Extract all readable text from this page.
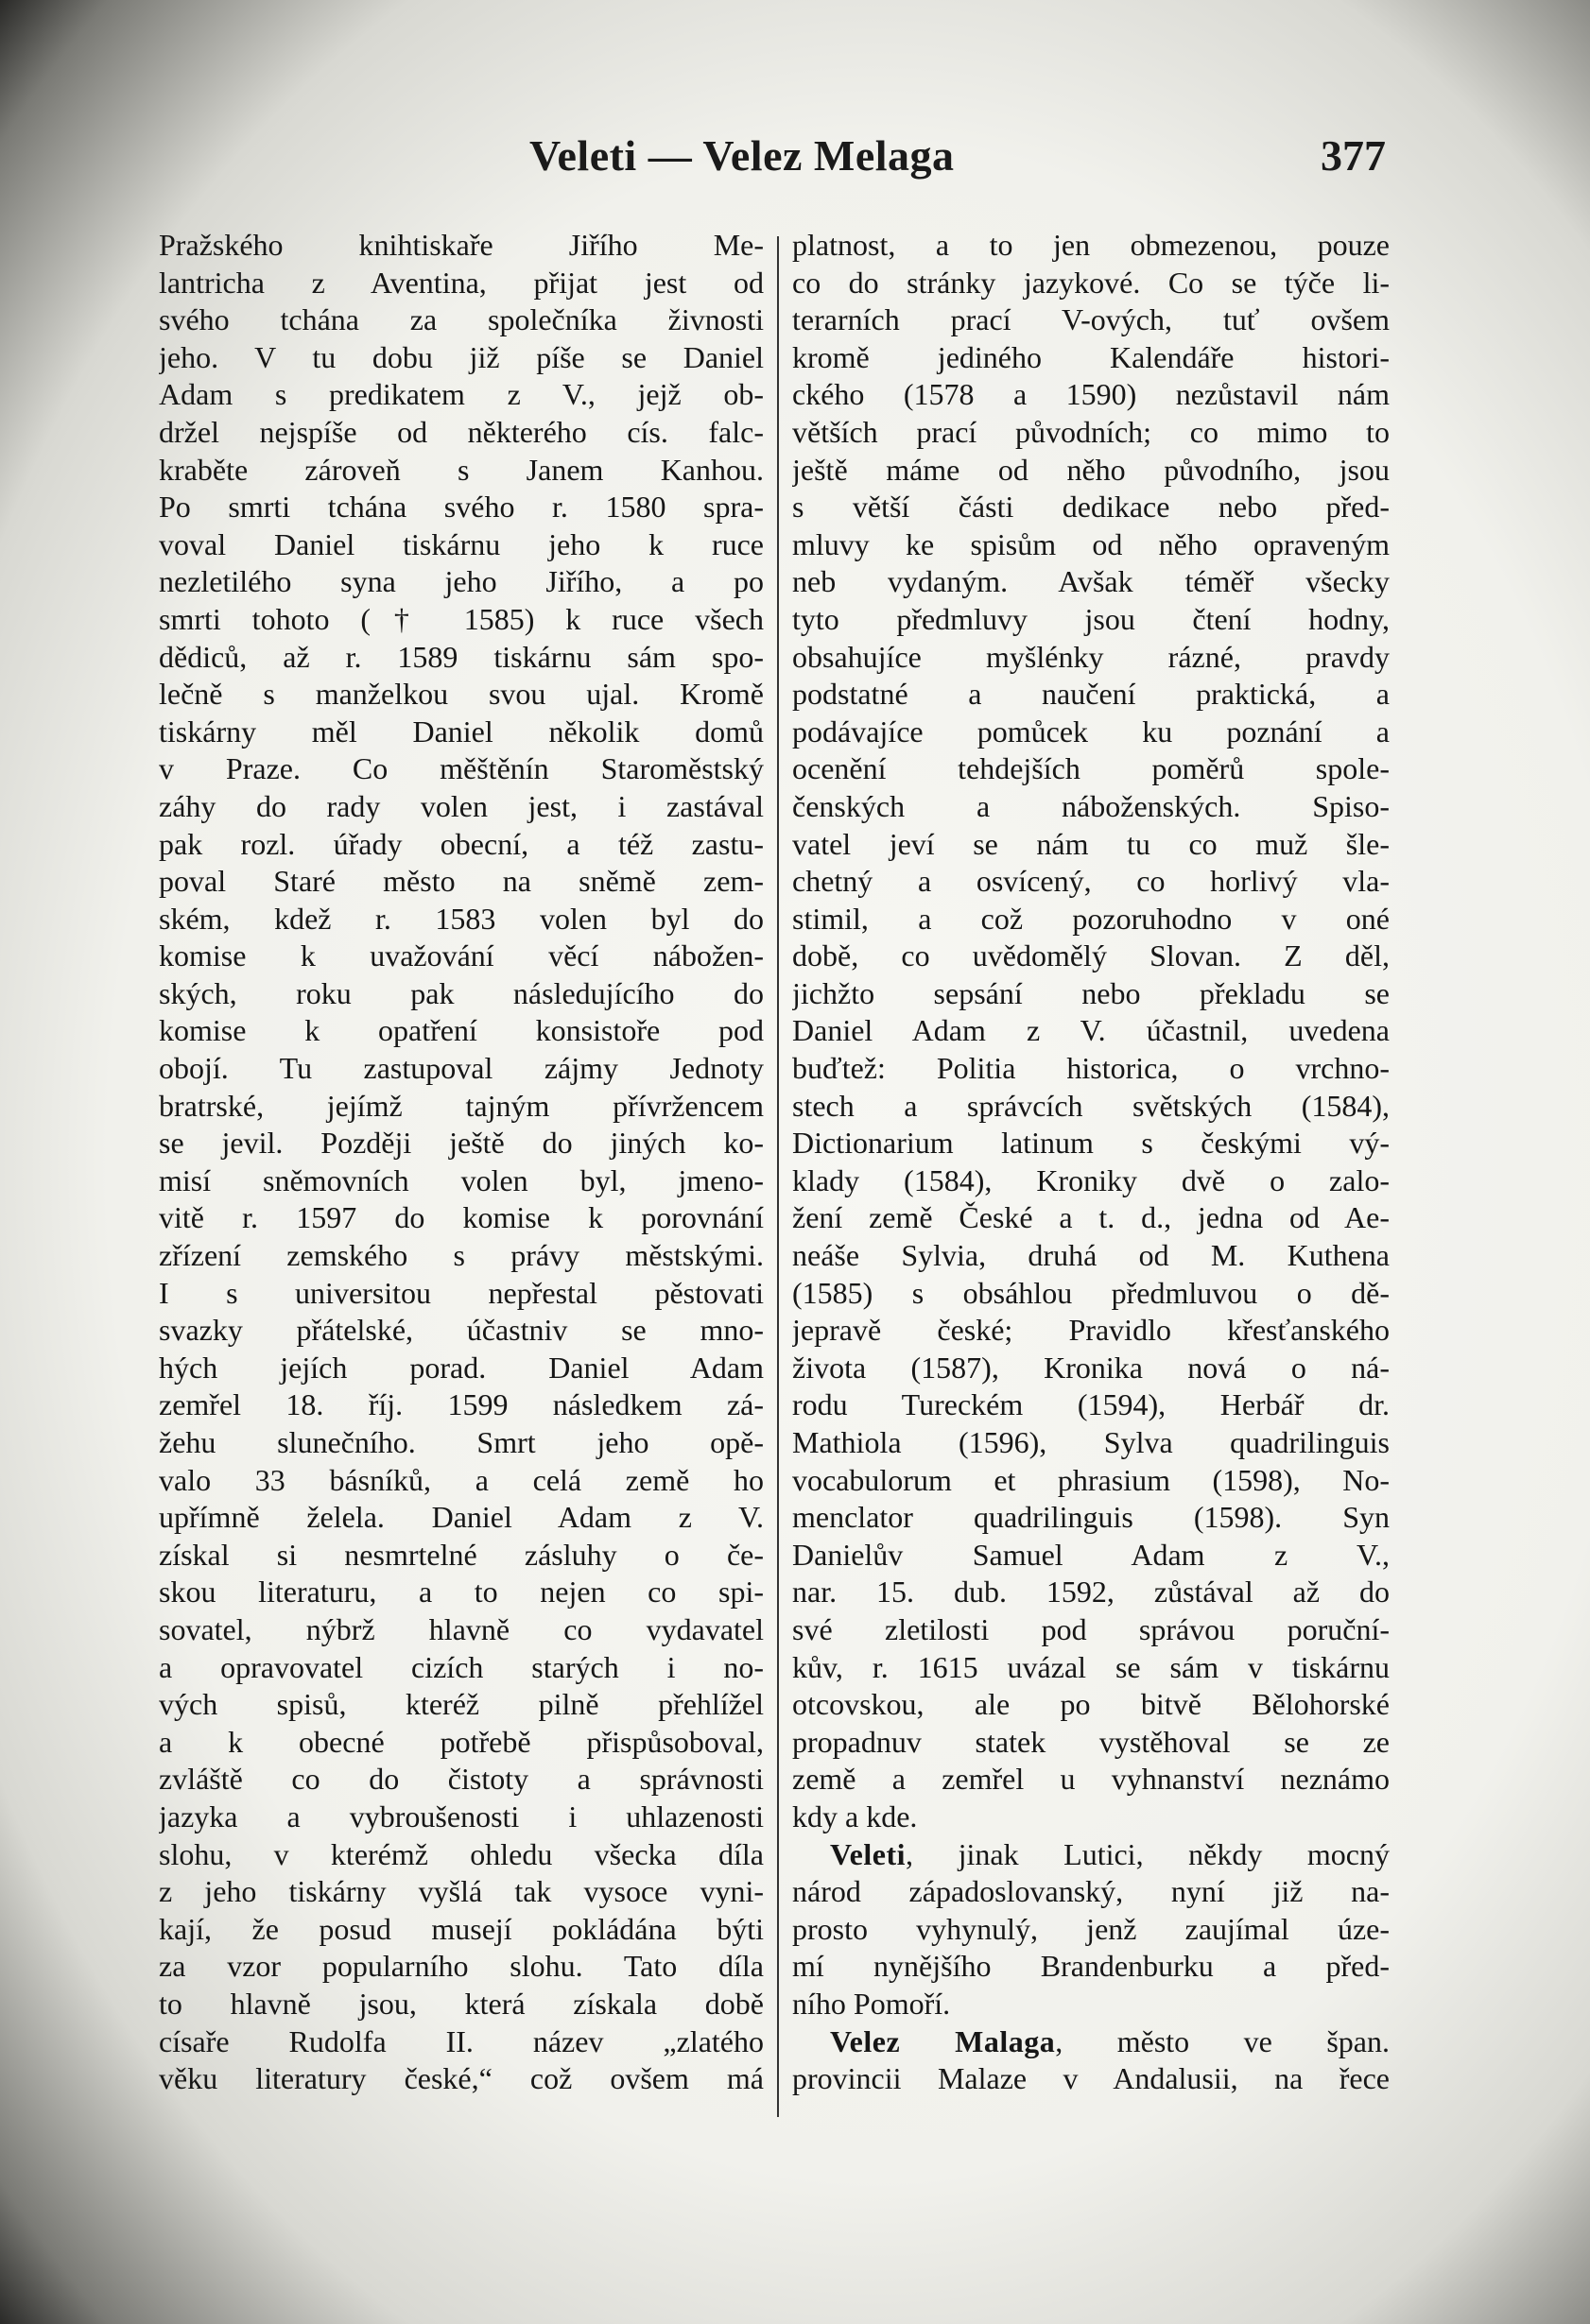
Veleti — Velez Melaga	377
Pražského knihtiskaře Jiřího Me-
lantricha z Aventina, přijat jest od
svého tchána za společníka živnosti
jeho. V tu dobu již píše se Daniel
Adam s predikatem z V., jejž ob-
držel nejspíše od některého cís. falc-
kraběte zároveň s Janem Kanhou.
Po smrti tchána svého r. 1580 spra-
voval Daniel tiskárnu jeho k ruce
nezletilého syna jeho Jiřího, a po
smrti tohoto († 1585) k ruce všech
dědiců, až r. 1589 tiskárnu sám spo-
lečně s manželkou svou ujal. Kromě
tiskárny měl Daniel několik domů
v Praze. Co měštěnín Staroměstský
záhy do rady volen jest, i zastával
pak rozl. úřady obecní, a též zastu-
poval Staré město na sněmě zem-
ském, kdež r. 1583 volen byl do
komise k uvažování věcí nábožen-
ských, roku pak následujícího do
komise k opatření konsistoře pod
obojí. Tu zastupoval zájmy Jednoty
bratrské, jejímž tajným přívržencem
se jevil. Později ještě do jiných ko-
misí sněmovních volen byl, jmeno-
vitě r. 1597 do komise k porovnání
zřízení zemského s právy městskými.
I s universitou nepřestal pěstovati
svazky přátelské, účastniv se mno-
hých jejích porad. Daniel Adam
zemřel 18. říj. 1599 následkem zá-
žehu slunečního. Smrt jeho opě-
valo 33 básníků, a celá země ho
upřímně želela. Daniel Adam z V.
získal si nesmrtelné zásluhy o če-
skou literaturu, a to nejen co spi-
sovatel, nýbrž hlavně co vydavatel
a opravovatel cizích starých i no-
vých spisů, kteréž pilně přehlížel
a k obecné potřebě přispůsoboval,
zvláště co do čistoty a správnosti
jazyka a vybroušenosti i uhlazenosti
slohu, v kterémž ohledu všecka díla
z jeho tiskárny vyšlá tak vysoce vyni-
kají, že posud musejí pokládána býti
za vzor popularního slohu. Tato díla
to hlavně jsou, která získala době
císaře Rudolfa II. název „zlatého
věku literatury české,“ což ovšem má
platnost, a to jen obmezenou, pouze
co do stránky jazykové. Co se týče li-
terarních prací V-ových, tuť ovšem
kromě jediného Kalendáře histori-
ckého (1578 a 1590) nezůstavil nám
větších prací původních; co mimo to
ještě máme od něho původního, jsou
s větší části dedikace nebo před-
mluvy ke spisům od něho opraveným
neb vydaným. Avšak téměř všecky
tyto předmluvy jsou čtení hodny,
obsahujíce myšlénky rázné, pravdy
podstatné a naučení praktická, a
podávajíce pomůcek ku poznání a
ocenění tehdejších poměrů spole-
čenských a náboženských. Spiso-
vatel jeví se nám tu co muž šle-
chetný a osvícený, co horlivý vla-
stimil, a což pozoruhodno v oné
době, co uvědomělý Slovan. Z děl,
jichžto sepsání nebo překladu se
Daniel Adam z V. účastnil, uvedena
buďtež: Politia historica, o vrchno-
stech a správcích světských (1584),
Dictionarium latinum s českými vý-
klady (1584), Kroniky dvě o zalo-
žení země České a t. d., jedna od Ae-
neáše Sylvia, druhá od M. Kuthena
(1585) s obsáhlou předmluvou o dě-
jepravě české; Pravidlo křesťanského
života (1587), Kronika nová o ná-
rodu Tureckém (1594), Herbář dr.
Mathiola (1596), Sylva quadrilinguis
vocabulorum et phrasium (1598), No-
menclator quadrilinguis (1598). Syn
Danielův Samuel Adam z V.,
nar. 15. dub. 1592, zůstával až do
své zletilosti pod správou poruční-
kův, r. 1615 uvázal se sám v tiskárnu
otcovskou, ale po bitvě Bělohorské
propadnuv statek vystěhoval se ze
země a zemřel u vyhnanství neznámo
kdy a kde.
Veleti, jinak Lutici, někdy mocný
národ západoslovanský, nyní již na-
prosto vyhynulý, jenž zaujímal úze-
mí nynějšího Brandenburku a před-
ního Pomoří.
Velez Malaga, město ve špan.
provincii Malaze v Andalusii, na řece
